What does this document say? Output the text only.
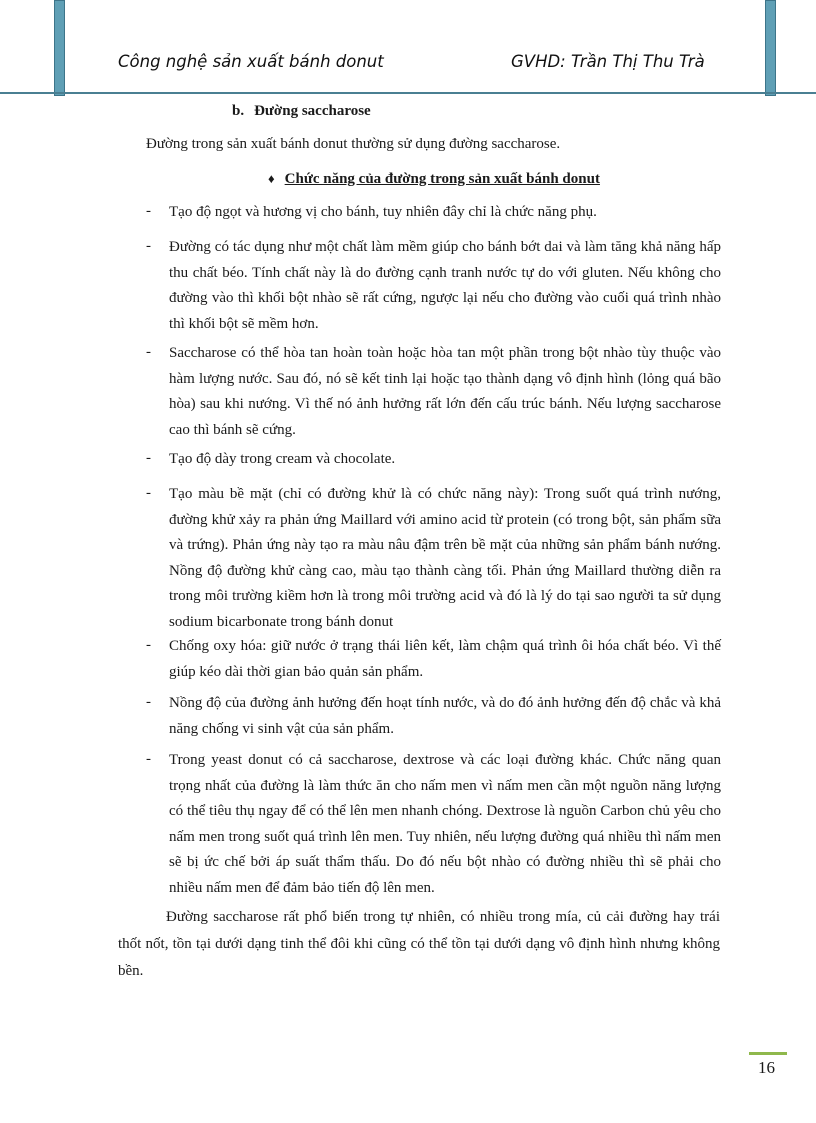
Công nghệ sản xuất bánh donut	GVHD: Trần Thị Thu Trà
b. Đường saccharose
Đường trong sản xuất bánh donut thường sử dụng đường saccharose.
♦ Chức năng của đường trong sản xuất bánh donut
- Tạo độ ngọt và hương vị cho bánh, tuy nhiên đây chỉ là chức năng phụ.
- Đường có tác dụng như một chất làm mềm giúp cho bánh bớt dai và làm tăng khả năng hấp thu chất béo. Tính chất này là do đường cạnh tranh nước tự do với gluten. Nếu không cho đường vào thì khối bột nhào sẽ rất cứng, ngược lại nếu cho đường vào cuối quá trình nhào thì khối bột sẽ mềm hơn.
- Saccharose có thể hòa tan hoàn toàn hoặc hòa tan một phần trong bột nhào tùy thuộc vào hàm lượng nước. Sau đó, nó sẽ kết tinh lại hoặc tạo thành dạng vô định hình (lỏng quá bão hòa) sau khi nướng. Vì thế nó ảnh hưởng rất lớn đến cấu trúc bánh. Nếu lượng saccharose cao thì bánh sẽ cứng.
- Tạo độ dày trong cream và chocolate.
- Tạo màu bề mặt (chỉ có đường khử là có chức năng này): Trong suốt quá trình nướng, đường khử xảy ra phản ứng Maillard với amino acid từ protein (có trong bột, sản phẩm sữa và trứng). Phản ứng này tạo ra màu nâu đậm trên bề mặt của những sản phẩm bánh nướng. Nồng độ đường khử càng cao, màu tạo thành càng tối. Phản ứng Maillard thường diễn ra trong môi trường kiềm hơn là trong môi trường acid và đó là lý do tại sao người ta sử dụng sodium bicarbonate trong bánh donut
- Chống oxy hóa: giữ nước ở trạng thái liên kết, làm chậm quá trình ôi hóa chất béo. Vì thế giúp kéo dài thời gian bảo quản sản phẩm.
- Nồng độ của đường ảnh hưởng đến hoạt tính nước, và do đó ảnh hưởng đến độ chắc và khả năng chống vi sinh vật của sản phẩm.
- Trong yeast donut có cả saccharose, dextrose và các loại đường khác. Chức năng quan trọng nhất của đường là làm thức ăn cho nấm men vì nấm men cần một nguồn năng lượng có thể tiêu thụ ngay để có thể lên men nhanh chóng. Dextrose là nguồn Carbon chủ yêu cho nấm men trong suốt quá trình lên men. Tuy nhiên, nếu lượng đường quá nhiều thì nấm men sẽ bị ức chế bởi áp suất thẩm thấu. Do đó nếu bột nhào có đường nhiều thì sẽ phải cho nhiều nấm men để đảm bảo tiến độ lên men.
Đường saccharose rất phổ biến trong tự nhiên, có nhiều trong mía, củ cải đường hay trái thốt nốt, tồn tại dưới dạng tinh thể đôi khi cũng có thể tồn tại dưới dạng vô định hình nhưng không bền.
16
